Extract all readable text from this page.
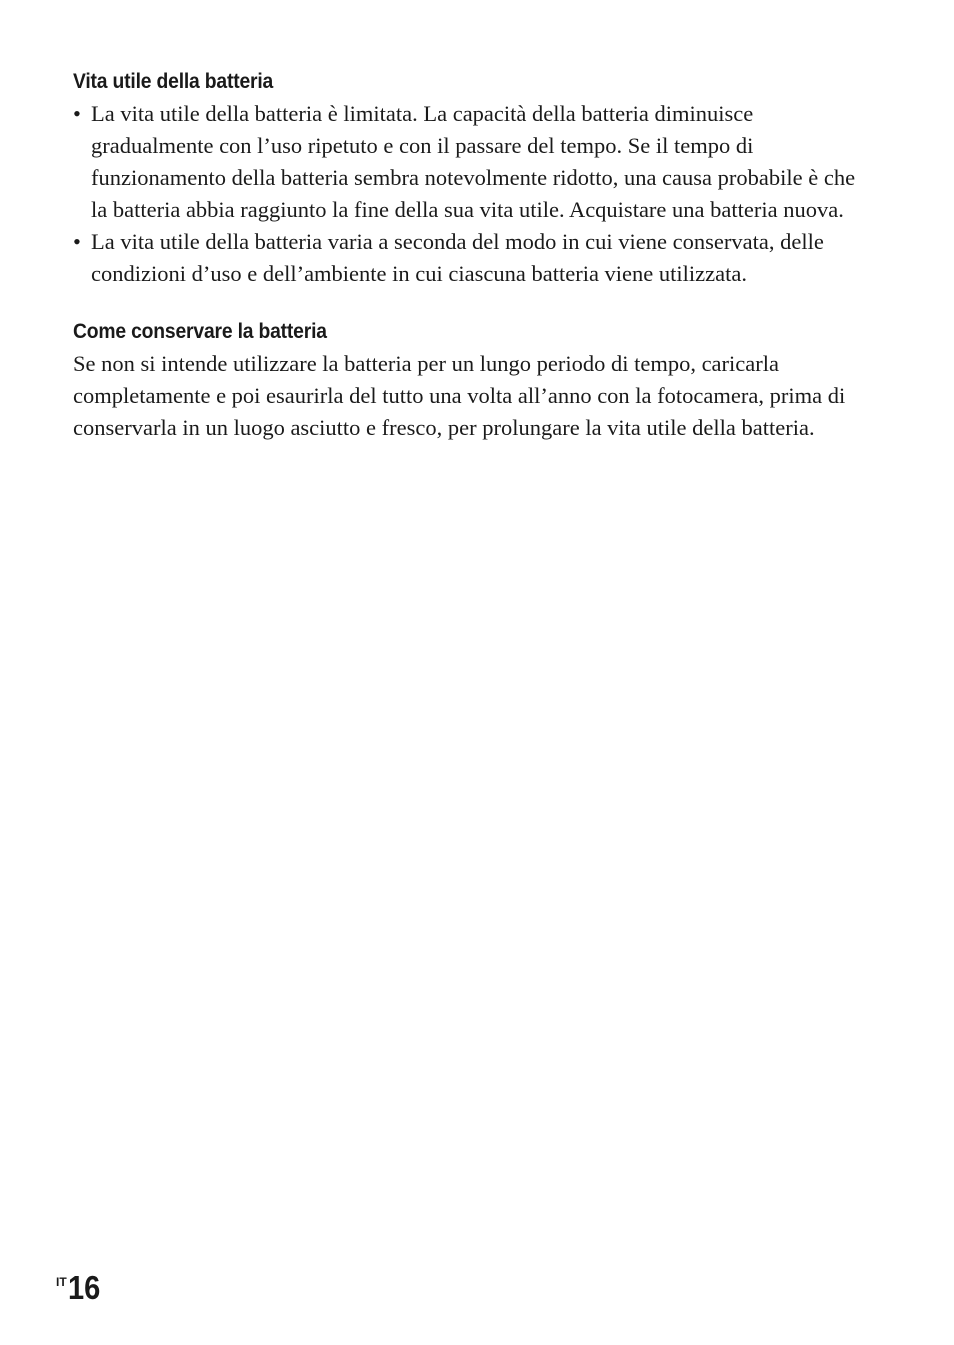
Vita utile della batteria
• La vita utile della batteria è limitata. La capacità della batteria diminuisce gradualmente con l’uso ripetuto e con il passare del tempo. Se il tempo di funzionamento della batteria sembra notevolmente ridotto, una causa probabile è che la batteria abbia raggiunto la fine della sua vita utile. Acquistare una batteria nuova.
• La vita utile della batteria varia a seconda del modo in cui viene conservata, delle condizioni d’uso e dell’ambiente in cui ciascuna batteria viene utilizzata.
Come conservare la batteria

Se non si intende utilizzare la batteria per un lungo periodo di tempo, caricarla completamente e poi esaurirla del tutto una volta all’anno con la fotocamera, prima di conservarla in un luogo asciutto e fresco, per prolungare la vita utile della batteria.

IT 16
